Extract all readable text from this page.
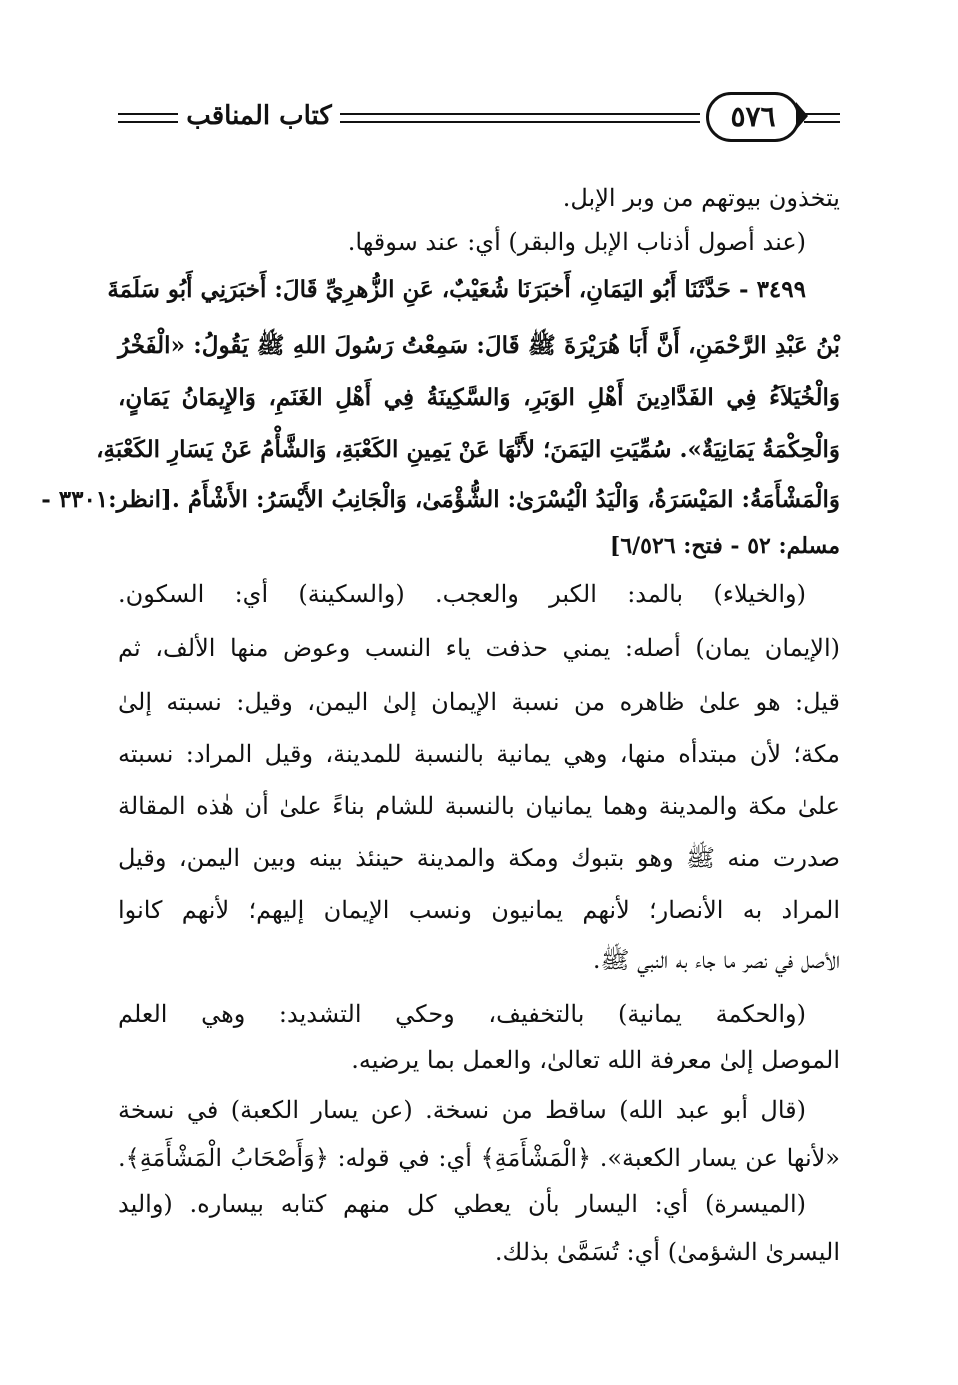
كتاب المناقب	٥٧٦
يتخذون بيوتهم من وبر الإبل.
(عند أصول أذناب الإبل والبقر) أي: عند سوقها.
٣٤٩٩ - حَدَّثَنَا أَبُو اليَمَانِ، أَخبَرَنَا شُعَيْبٌ، عَنِ الزُّهرِيِّ قَالَ: أَخبَرَنِي أَبُو سَلَمَةَ
بْنُ عَبْدِ الرَّحْمَنِ، أَنَّ أَبَا هُرَيْرَةَ ﷺ قَالَ: سَمِعْتُ رَسُولَ اللهِ ﷺ يَقُولُ: «الْفَخْرُ
وَالْخُيَلاَءُ فِي الفَدَّادِينَ أَهْلِ الوَبَرِ، وَالسَّكِينَةُ فِي أَهْلِ الغَنَمِ، وَالإِيمَانُ يَمَانٍ،
وَالْحِكْمَةُ يَمَانِيَةٌ». سُمِّيَتِ اليَمَنَ؛ لأَنَّهَا عَنْ يَمِينِ الكَعْبَةِ، وَالشَّأْمُ عَنْ يَسَارِ الكَعْبَةِ،
وَالْمَشْأَمَةُ: المَيْسَرَةُ، وَالْيَدُ الْيُسْرَىٰ: الشُّؤْمَىٰ، وَالْجَانِبُ الأَيْسَرُ: الأَشْأَمُ .[انظر:٣٣٠١ -
مسلم: ٥٢ - فتح: ٦/٥٢٦]
(والخيلاء) بالمد: الكبر والعجب. (والسكينة) أي: السكون.
(الإيمان يمان) أصله: يمني حذفت ياء النسب وعوض منها الألف، ثم
قيل: هو علىٰ ظاهره من نسبة الإيمان إلىٰ اليمن، وقيل: نسبته إلىٰ
مكة؛ لأن مبتدأه منها، وهي يمانية بالنسبة للمدينة، وقيل المراد: نسبته
علىٰ مكة والمدينة وهما يمانيان بالنسبة للشام بناءً علىٰ أن هٰذه المقالة
صدرت منه ﷺ وهو بتبوك ومكة والمدينة حينئذ بينه وبين اليمن، وقيل
المراد به الأنصار؛ لأنهم يمانيون ونسب الإيمان إليهم؛ لأنهم كانوا
الأصل في نصر ما جاء به النبي ﷺ.
(والحكمة يمانية) بالتخفيف، وحكي التشديد: وهي العلم
الموصل إلىٰ معرفة الله تعالىٰ، والعمل بما يرضيه.
(قال أبو عبد الله) ساقط من نسخة. (عن يسار الكعبة) في نسخة
«لأنها عن يسار الكعبة». ﴿الْمَشْأَمَةِ﴾ أي: في قوله: ﴿وَأَصْحَابُ الْمَشْأَمَةِ﴾.
(الميسرة) أي: اليسار بأن يعطي كل منهم كتابه بيساره. (واليد
اليسرىٰ الشؤمىٰ) أي: تُسَمَّىٰ بذلك.
